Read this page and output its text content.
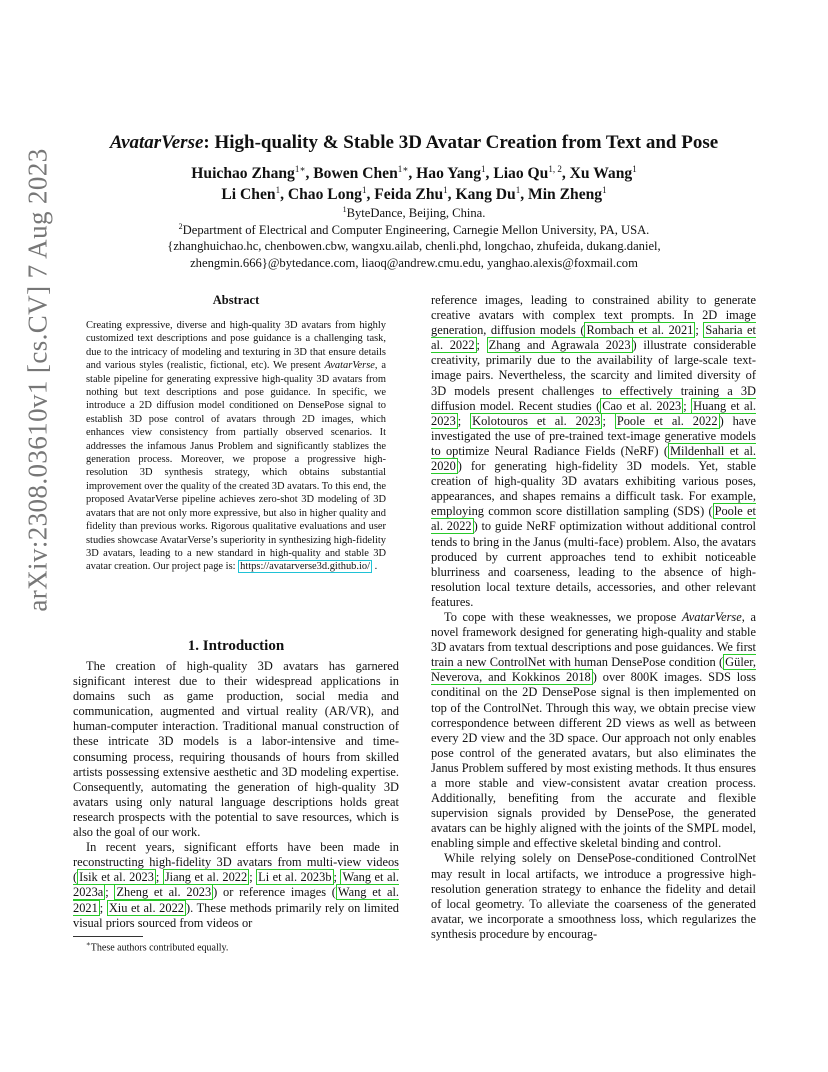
arXiv:2308.03610v1 [cs.CV] 7 Aug 2023
AvatarVerse: High-quality & Stable 3D Avatar Creation from Text and Pose
Huichao Zhang$^{1∗}$, Bowen Chen$^{1∗}$, Hao Yang$^1$, Liao Qu$^{1, 2}$, Xu Wang$^1$
Li Chen$^1$, Chao Long$^1$, Feida Zhu$^1$, Kang Du$^1$, Min Zheng$^1$
$^1$ByteDance, Beijing, China.
$^2$Department of Electrical and Computer Engineering, Carnegie Mellon University, PA, USA.
{zhanghuichao.hc, chenbowen.cbw, wangxu.ailab, chenli.phd, longchao, zhufeida, dukang.daniel,
zhengmin.666}@bytedance.com, liaoq@andrew.cmu.edu, yanghao.alexis@foxmail.com
Abstract
Creating expressive, diverse and high-quality 3D avatars from highly customized text descriptions and pose guidance is a challenging task, due to the intricacy of modeling and texturing in 3D that ensure details and various styles (realistic, fictional, etc). We present AvatarVerse, a stable pipeline for generating expressive high-quality 3D avatars from nothing but text descriptions and pose guidance. In specific, we introduce a 2D diffusion model conditioned on DensePose signal to establish 3D pose control of avatars through 2D images, which enhances view consistency from partially observed scenarios. It addresses the infamous Janus Problem and significantly stablizes the generation process. Moreover, we propose a progressive high-resolution 3D synthesis strategy, which obtains substantial improvement over the quality of the created 3D avatars. To this end, the proposed AvatarVerse pipeline achieves zero-shot 3D modeling of 3D avatars that are not only more expressive, but also in higher quality and fidelity than previous works. Rigorous qualitative evaluations and user studies showcase AvatarVerse’s superiority in synthesizing high-fidelity 3D avatars, leading to a new standard in high-quality and stable 3D avatar creation. Our project page is: https://avatarverse3d.github.io/ .
1. Introduction

The creation of high-quality 3D avatars has garnered significant interest due to their widespread applications in domains such as game production, social media and communication, augmented and virtual reality (AR/VR), and human-computer interaction. Traditional manual construction of these intricate 3D models is a labor-intensive and time-consuming process, requiring thousands of hours from skilled artists possessing extensive aesthetic and 3D modeling expertise. Consequently, automating the generation of high-quality 3D avatars using only natural language descriptions holds great research prospects with the potential to save resources, which is also the goal of our work.

In recent years, significant efforts have been made in reconstructing high-fidelity 3D avatars from multi-view videos ( Isik et al. 2023 ; Jiang et al. 2022 ; Li et al. 2023b ; Wang et al. 2023a ; Zheng et al. 2023 ) or reference images ( Wang et al. 2021 ; Xiu et al. 2022 ). These methods primarily rely on limited visual priors sourced from videos or

reference images, leading to constrained ability to generate creative avatars with complex text prompts. In 2D image generation, diffusion models ( Rombach et al. 2021 ; Saharia et al. 2022 ; Zhang and Agrawala 2023 ) illustrate considerable creativity, primarily due to the availability of large-scale text-image pairs. Nevertheless, the scarcity and limited diversity of 3D models present challenges to effectively training a 3D diffusion model. Recent studies ( Cao et al. 2023 ; Huang et al. 2023 ; Kolotouros et al. 2023 ; Poole et al. 2022 ) have investigated the use of pre-trained text-image generative models to optimize Neural Radiance Fields (NeRF) ( Mildenhall et al. 2020 ) for generating high-fidelity 3D models. Yet, stable creation of high-quality 3D avatars exhibiting various poses, appearances, and shapes remains a difficult task. For example, employing common score distillation sampling (SDS) ( Poole et al. 2022 ) to guide NeRF optimization without additional control tends to bring in the Janus (multi-face) problem. Also, the avatars produced by current approaches tend to exhibit noticeable blurriness and coarseness, leading to the absence of high-resolution local texture details, accessories, and other relevant features.

To cope with these weaknesses, we propose AvatarVerse, a novel framework designed for generating high-quality and stable 3D avatars from textual descriptions and pose guidances. We first train a new ControlNet with human DensePose condition ( Güler, Neverova, and Kokkinos 2018 ) over 800K images. SDS loss conditinal on the 2D DensePose signal is then implemented on top of the ControlNet. Through this way, we obtain precise view correspondence between different 2D views as well as between every 2D view and the 3D space. Our approach not only enables pose control of the generated avatars, but also eliminates the Janus Problem suffered by most existing methods. It thus ensures a more stable and view-consistent avatar creation process. Additionally, benefiting from the accurate and flexible supervision signals provided by DensePose, the generated avatars can be highly aligned with the joints of the SMPL model, enabling simple and effective skeletal binding and control.

While relying solely on DensePose-conditioned ControlNet may result in local artifacts, we introduce a progressive high-resolution generation strategy to enhance the fidelity and detail of local geometry. To alleviate the coarseness of the generated avatar, we incorporate a smoothness loss, which regularizes the synthesis procedure by encourag-

∗These authors contributed equally.
